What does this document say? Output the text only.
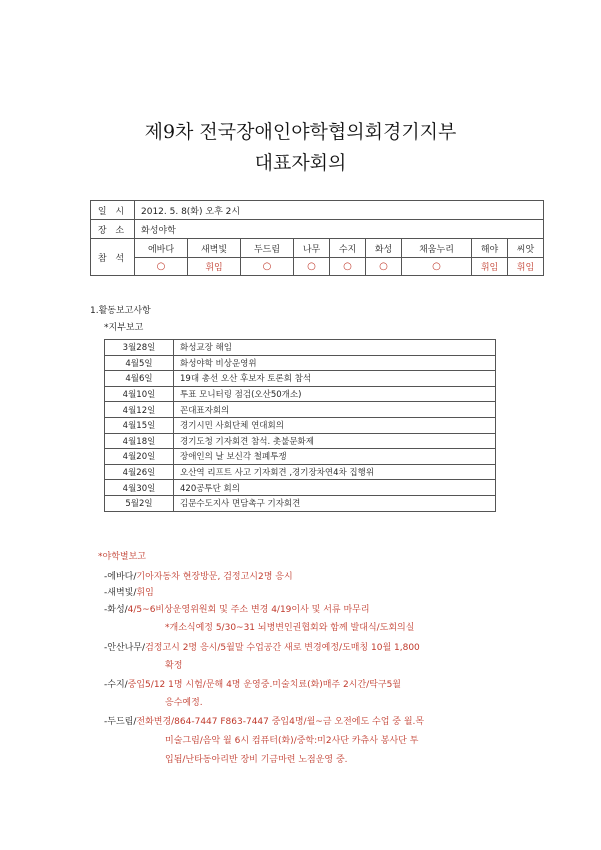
제9차 전국장애인야학협의회경기지부
대표자회의
일 시	2012. 5. 8(화) 오후 2시								
장 소	화성야학								
참 석	에바다	새벽빛	두드림	나무	수지	화성	채움누리	해야	씨앗
	○	휘임	○	○	○	○	○	휘임	휘임
1.활동보고사항
*지부보고
3월28일	화성교장 해임
4월5일	화성야학 비상운영위
4월6일	19대 총선 오산 후보자 토론회 참석
4월10일	투표 모니터링 점검(오산50개소)
4월12일	꼰대표자회의
4월15일	경기시민 사회단체 연대회의
4월18일	경기도청 기자회견 참석. 촛불문화제
4월20일	장애인의 날 보신각 철폐투쟁
4월26일	오산역 리프트 사고 기자회견 ,경기장차연4차 집행위
4월30일	420공투단 회의
5월2일	김문수도지사 면담촉구 기자회견
*야학별보고
-에바다/기아자동차 현장방문, 검정고시2명 응시
-새벽빛/휘임
-화성/4/5~6비상운영위원회 및 주소 변경 4/19이사 및 서류 마무리
*개소식예정 5/30~31 뇌병변인권협회와 함께 발대식/도회의실
-안산나무/검정고시 2명 응시/5월말 수업공간 새로 변경예정/도매칭 10월 1,800
확정
-수지/중입5/12 1명 시험/문해 4명 운영중.미술치료(화)매주 2시간/탁구5월
응수예정.
-두드림/전화변경/864-7447 F863-7447 중입4명/월~금 오전에도 수업 중 월.목
미술그림/음악 월 6시 컴퓨터(화)/중학:미2사단 카츄사 봉사단 투
입됨/난타동아리반 장비 기금마련 노점운영 중.
